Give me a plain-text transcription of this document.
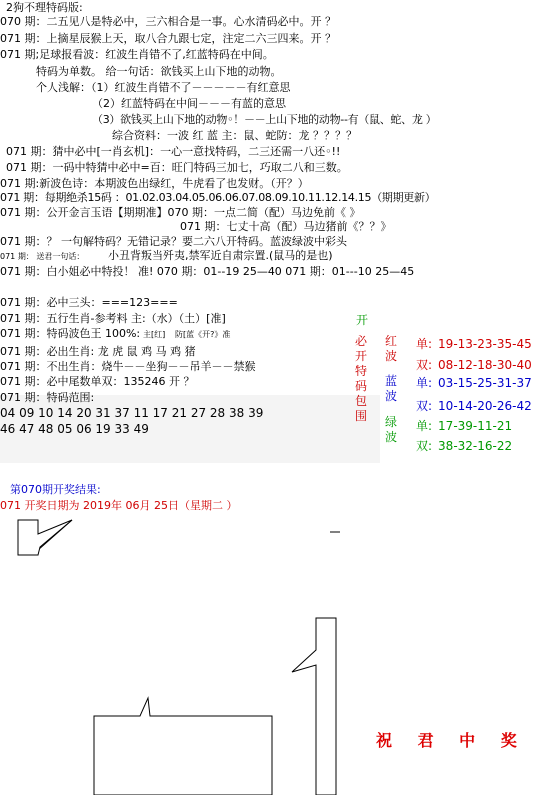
2狗不理特码版:
070 期：二五见八是特必中，三六相合是一事。心水清码必中。开 ？
071 期：上摘星辰猴上天，取八合九跟七定，注定二六三四来。开 ？
071 期;足球报看波：红波生肖错不了,红蓝特码在中间。
特码为单数。 给一句话：欲钱买上山下地的动物。
个人浅解：（1）红波生肖错不了－－－－－有红意思
（2）红蓝特码在中间－－－有蓝的意思
（3）欲钱买上山下地的动物◦！－－上山下地的动物--有（鼠、蛇、龙 ）
综合资料：一波 红 蓝 主：鼠、蛇防：龙 ？？？？
071 期：猜中必中[一肖玄机]：一心一意找特码，二三还需一八还◦!!
071 期：一码中特猜中必中=百：旺门特码三加七，巧取二八和三数。
071 期:新波色诗：本期波色出绿红，牛虎看了也发财。（开？）
071 期：每期绝杀15码 ：01.02.03.04.05.06.06.07.08.09.10.11.12.14.15（期期更新）
071 期：公开金言玉语【期期准】070 期：一点二简（配）马边免前《 》
071 期：七丈十高（配）马边猪前《？？》
071 期：？ 一句解特码？无错记录？要二六八开特码。蓝波绿波中彩头
071 期： 送君一句话： 小丑背叛当歼夷,禁军近自肃宗置.(鼠马的是也)
071 期：白小姐必中特投！ 准! 070 期：01--19 25—40 071 期：01---10 25—45
071 期：必中三头：===123===
071 期：五行生肖-参考料 主:（水）（土）[准]
071 期：特码波色王 100%: 主[红] 防[蓝《开?》准
071 期：必出生肖: 龙 虎 鼠 鸡 马 鸡 猪
071 期：不出生肖：烧牛－－坐狗－－吊羊－－禁猴
071 期：必中尾数单双：135246 开 ？
071 期：特码范围:
04 09 10 14 20 31 37 11 17 21 27 28 38 39
46 47 48 05 06 19 33 49
开
必开特码包围
红波
蓝波
绿波
单: 19-13-23-35-45
双: 08-12-18-30-40
单: 03-15-25-31-37
双: 10-14-20-26-42
单: 17-39-11-21
双: 38-32-16-22
第070期开奖结果:
071 开奖日期为 2019年 06月 25日（星期二 ）
祝 君 中 奖
